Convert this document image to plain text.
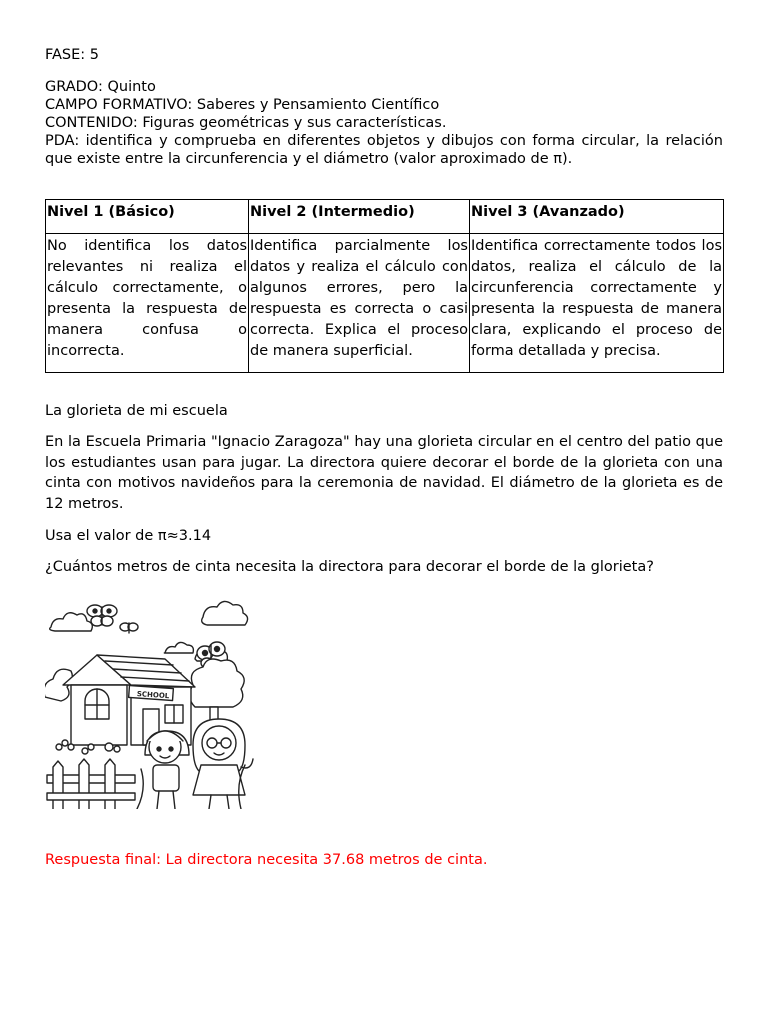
FASE: 5

GRADO: Quinto

CAMPO FORMATIVO: Saberes y Pensamiento Científico

CONTENIDO: Figuras geométricas y sus características.

PDA: identifica y comprueba en diferentes objetos y dibujos con forma circular, la relación que existe entre la circunferencia y el diámetro (valor aproximado de π).

Nivel 1 (Básico)	Nivel 2 (Intermedio)	Nivel 3 (Avanzado)
No identifica los datos relevantes ni realiza el cálculo correctamente, o presenta la respuesta de manera confusa o incorrecta.	Identifica parcialmente los datos y realiza el cálculo con algunos errores, pero la respuesta es correcta o casi correcta. Explica el proceso de manera superficial.	Identifica correctamente todos los datos, realiza el cálculo de la circunferencia correctamente y presenta la respuesta de manera clara, explicando el proceso de forma detallada y precisa.

La glorieta de mi escuela

En la Escuela Primaria "Ignacio Zaragoza" hay una glorieta circular en el centro del patio que los estudiantes usan para jugar. La directora quiere decorar el borde de la glorieta con una cinta con motivos navideños para la ceremonia de navidad. El diámetro de la glorieta es de 12 metros.

Usa el valor de π≈3.14

¿Cuántos metros de cinta necesita la directora para decorar el borde de la glorieta?

SCHOOL

Respuesta final: La directora necesita 37.68 metros de cinta.
